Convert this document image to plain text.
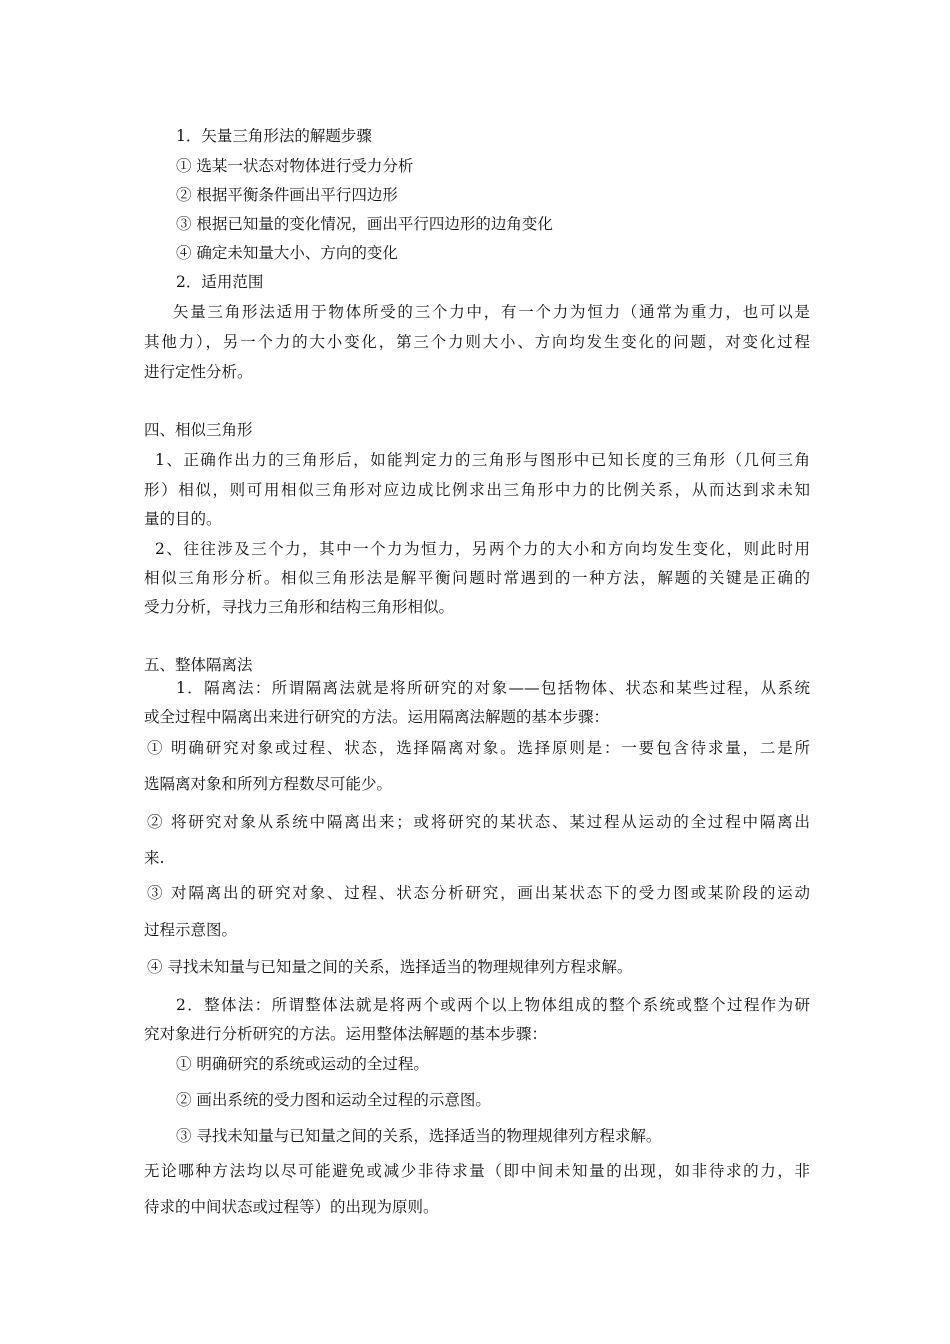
1．矢量三角形法的解题步骤
① 选某一状态对物体进行受力分析
② 根据平衡条件画出平行四边形
③ 根据已知量的变化情况，画出平行四边形的边角变化
④ 确定未知量大小、方向的变化
2．适用范围
矢量三角形法适用于物体所受的三个力中，有一个力为恒力（通常为重力，也可以是
其他力），另一个力的大小变化，第三个力则大小、方向均发生变化的问题，对变化过程
进行定性分析。
四、相似三角形
1、正确作出力的三角形后，如能判定力的三角形与图形中已知长度的三角形（几何三角
形）相似，则可用相似三角形对应边成比例求出三角形中力的比例关系，从而达到求未知
量的目的。
2、往往涉及三个力，其中一个力为恒力，另两个力的大小和方向均发生变化，则此时用
相似三角形分析。相似三角形法是解平衡问题时常遇到的一种方法，解题的关键是正确的
受力分析，寻找力三角形和结构三角形相似。
五、整体隔离法
1．隔离法：所谓隔离法就是将所研究的对象——包括物体、状态和某些过程，从系统
或全过程中隔离出来进行研究的方法。运用隔离法解题的基本步骤：
① 明确研究对象或过程、状态，选择隔离对象。选择原则是：一要包含待求量，二是所
选隔离对象和所列方程数尽可能少。
② 将研究对象从系统中隔离出来；或将研究的某状态、某过程从运动的全过程中隔离出
来.
③ 对隔离出的研究对象、过程、状态分析研究，画出某状态下的受力图或某阶段的运动
过程示意图。
④ 寻找未知量与已知量之间的关系，选择适当的物理规律列方程求解。
2．整体法：所谓整体法就是将两个或两个以上物体组成的整个系统或整个过程作为研
究对象进行分析研究的方法。运用整体法解题的基本步骤：
① 明确研究的系统或运动的全过程。
② 画出系统的受力图和运动全过程的示意图。
③ 寻找未知量与已知量之间的关系，选择适当的物理规律列方程求解。
无论哪种方法均以尽可能避免或减少非待求量（即中间未知量的出现，如非待求的力，非
待求的中间状态或过程等）的出现为原则。
